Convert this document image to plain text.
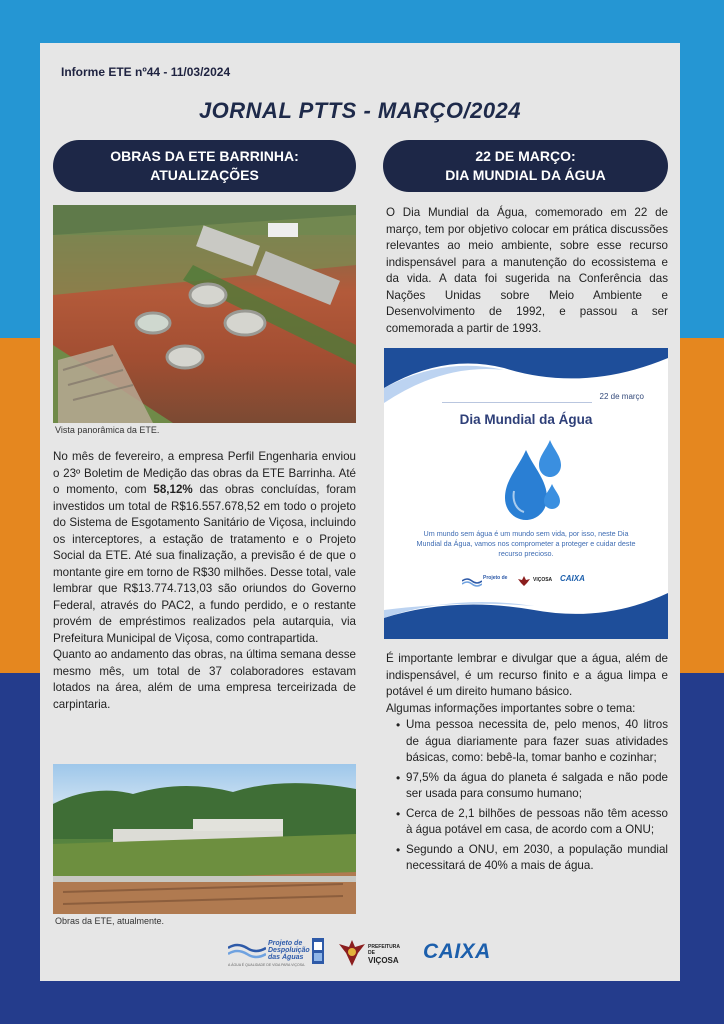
Informe ETE nº44 - 11/03/2024
JORNAL PTTS - MARÇO/2024
OBRAS DA ETE BARRINHA:
ATUALIZAÇÕES
22 DE MARÇO:
DIA MUNDIAL DA ÁGUA
Vista panorâmica da ETE.

No mês de fevereiro, a empresa Perfil Engenharia enviou o 23º Boletim de Medição das obras da ETE Barrinha. Até o momento, com 58,12% das obras concluídas, foram investidos um total de R$16.557.678,52 em todo o projeto do Sistema de Esgotamento Sanitário de Viçosa, incluindo os interceptores, a estação de tratamento e o Projeto Social da ETE. Até sua finalização, a previsão é de que o montante gire em torno de R$30 milhões. Desse total, vale lembrar que R$13.774.713,03 são oriundos do Governo Federal, através do PAC2, a fundo perdido, e o restante provém de empréstimos realizados pela autarquia, via Prefeitura Municipal de Viçosa, como contrapartida.

Quanto ao andamento das obras, na última semana desse mesmo mês, um total de 37 colaboradores estavam lotados na área, além de uma empresa terceirizada de carpintaria.

Obras da ETE, atualmente.
O Dia Mundial da Água, comemorado em 22 de março, tem por objetivo colocar em prática discussões relevantes ao meio ambiente, sobre esse recurso indispensável para a manutenção do ecossistema e da vida. A data foi sugerida na Conferência das Nações Unidas sobre Meio Ambiente e Desenvolvimento de 1992, e passou a ser comemorada a partir de 1993.
22 de março
Dia Mundial da Água
Um mundo sem água é um mundo sem vida, por isso, neste Dia Mundial da Água, vamos nos comprometer a proteger e cuidar deste recurso precioso.
Projeto de	VIÇOSA CAIXA

É importante lembrar e divulgar que a água, além de indispensável, é um recurso finito e a água limpa e potável é um direito humano básico.

Algumas informações importantes sobre o tema:

• Uma pessoa necessita de, pelo menos, 40 litros de água diariamente para fazer suas atividades básicas, como: bebê-la, tomar banho e cozinhar;
• 97,5% da água do planeta é salgada e não pode ser usada para consumo humano;
• Cerca de 2,1 bilhões de pessoas não têm acesso à água potável em casa, de acordo com a ONU;
• Segundo a ONU, em 2030, a população mundial necessitará de 40% a mais de água.
Projeto de
Despoluição
das Águas
A ÁGUA É QUALIDADE DE VIDA PARA VIÇOSA.
PREFEITURA DE
VIÇOSA CAIXA
